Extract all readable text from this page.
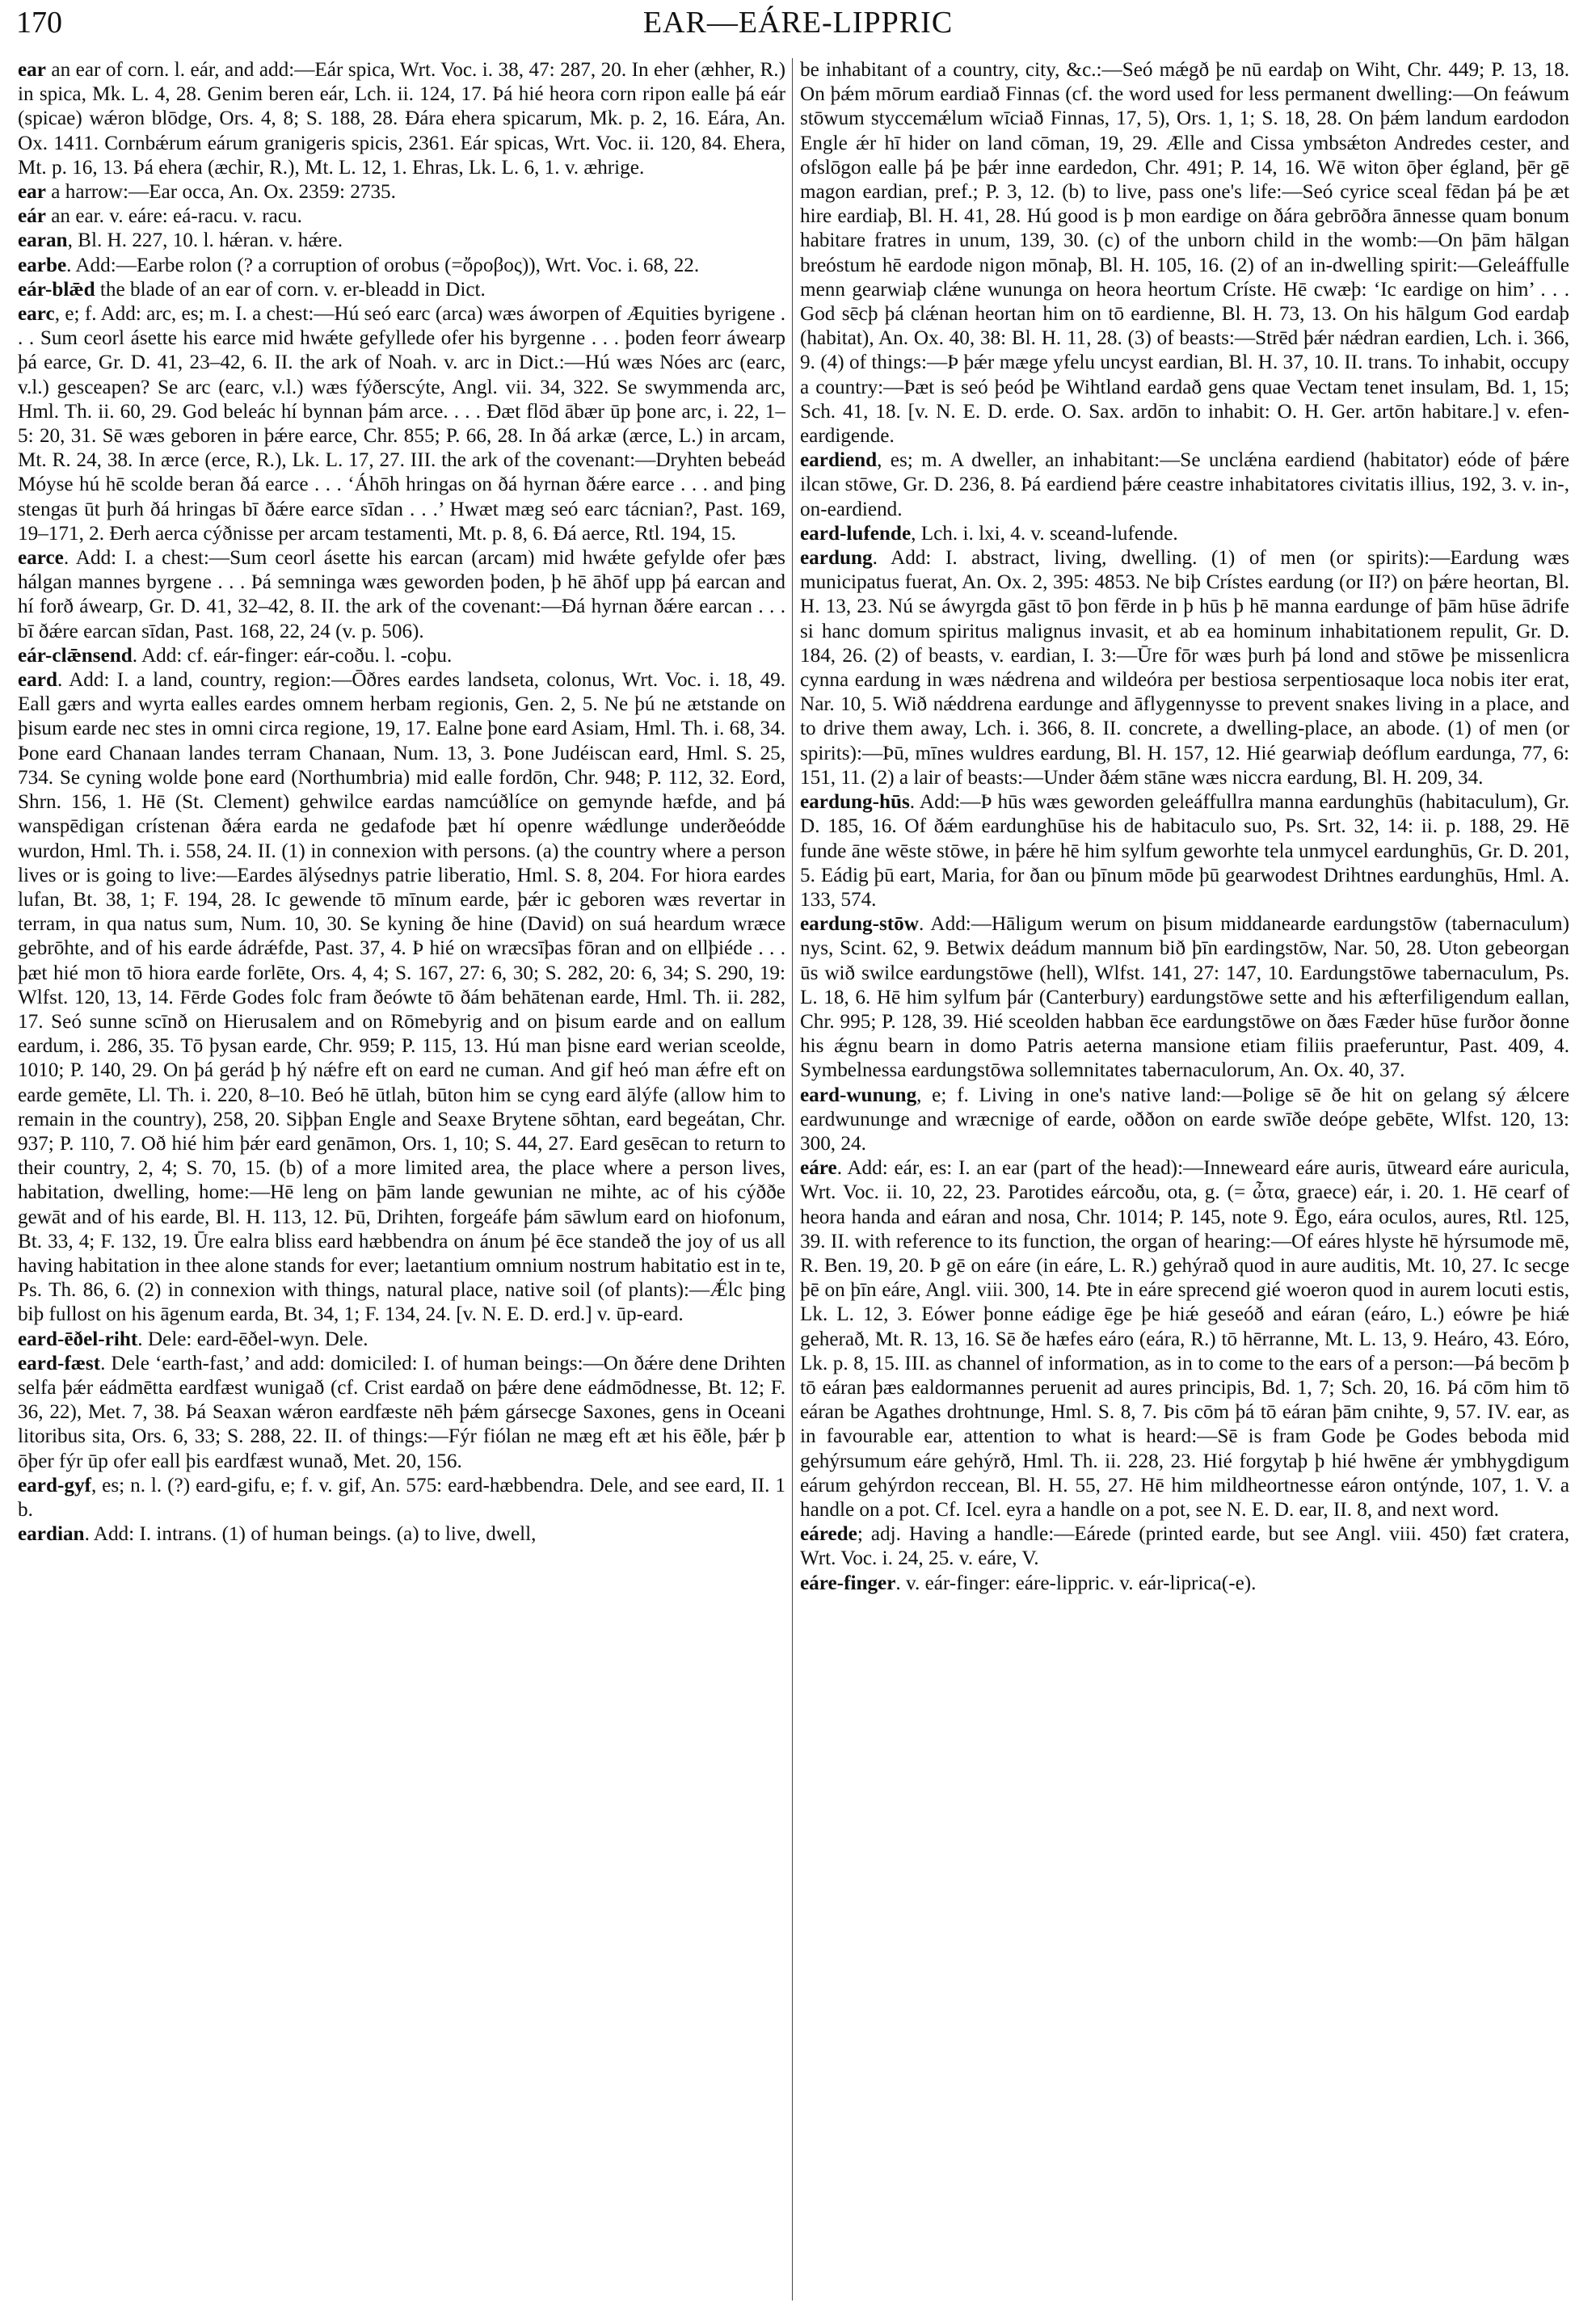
170	EAR—EÁRE-LIPPRIC

ear an ear of corn. l. eár, and add:—Eár spica, Wrt. Voc. i. 38, 47: 287, 20. In eher (æhher, R.) in spica, Mk. L. 4, 28. Genim beren eár, Lch. ii. 124, 17. Þá hié heora corn ripon ealle þá eár (spicae) wǽron blōdge, Ors. 4, 8; S. 188, 28. Ðára ehera spicarum, Mk. p. 2, 16. Eára, An. Ox. 1411. Cornbǽrum eárum granigeris spicis, 2361. Eár spicas, Wrt. Voc. ii. 120, 84. Ehera, Mt. p. 16, 13. Þá ehera (æchir, R.), Mt. L. 12, 1. Ehras, Lk. L. 6, 1. v. æhrige.

ear a harrow:—Ear occa, An. Ox. 2359: 2735.

eár an ear. v. eáre: eá-racu. v. racu.

earan, Bl. H. 227, 10. l. hǽran. v. hǽre.

earbe. Add:—Earbe rolon (? a corruption of orobus (=ὄροβος)), Wrt. Voc. i. 68, 22.

eár-blǣd the blade of an ear of corn. v. er-bleadd in Dict.

earc, e; f. Add: arc, es; m. I. a chest:—Hú seó earc (arca) wæs áworpen of Æquities byrigene . . . Sum ceorl ásette his earce mid hwǽte gefyllede ofer his byrgenne . . . þoden feorr áwearp þá earce, Gr. D. 41, 23–42, 6. II. the ark of Noah. v. arc in Dict.:—Hú wæs Nóes arc (earc, v.l.) gesceapen? Se arc (earc, v.l.) wæs fýðerscýte, Angl. vii. 34, 322. Se swymmenda arc, Hml. Th. ii. 60, 29. God beleác hí bynnan þám arce. . . . Ðæt flōd ābær ūp þone arc, i. 22, 1–5: 20, 31. Sē wæs geboren in þǽre earce, Chr. 855; P. 66, 28. In ðá arkæ (ærce, L.) in arcam, Mt. R. 24, 38. In ærce (erce, R.), Lk. L. 17, 27. III. the ark of the covenant:—Dryhten bebeád Móyse hú hē scolde beran ðá earce . . . ‘Áhōh hringas on ðá hyrnan ðǽre earce . . . and þing stengas ūt þurh ðá hringas bī ðǽre earce sīdan . . .’ Hwæt mæg seó earc tácnian?, Past. 169, 19–171, 2. Ðerh aerca cýðnisse per arcam testamenti, Mt. p. 8, 6. Ðá aerce, Rtl. 194, 15.

earce. Add: I. a chest:—Sum ceorl ásette his earcan (arcam) mid hwǽte gefylde ofer þæs hálgan mannes byrgene . . . Þá semninga wæs geworden þoden, þ hē āhōf upp þá earcan and hí forð áwearp, Gr. D. 41, 32–42, 8. II. the ark of the covenant:—Ðá hyrnan ðǽre earcan . . . bī ðǽre earcan sīdan, Past. 168, 22, 24 (v. p. 506).

eár-clǣnsend. Add: cf. eár-finger: eár-coðu. l. -coþu.

eard. Add: I. a land, country, region:—Ōðres eardes landseta, colonus, Wrt. Voc. i. 18, 49. Eall gærs and wyrta ealles eardes omnem herbam regionis, Gen. 2, 5. Ne þú ne ætstande on þisum earde nec stes in omni circa regione, 19, 17. Ealne þone eard Asiam, Hml. Th. i. 68, 34. Þone eard Chanaan landes terram Chanaan, Num. 13, 3. Þone Judéiscan eard, Hml. S. 25, 734. Se cyning wolde þone eard (Northumbria) mid ealle fordōn, Chr. 948; P. 112, 32. Eord, Shrn. 156, 1. Hē (St. Clement) gehwilce eardas namcúðlíce on gemynde hæfde, and þá wanspēdigan crístenan ðǽra earda ne gedafode þæt hí openre wǽdlunge underðeódde wurdon, Hml. Th. i. 558, 24. II. (1) in connexion with persons. (a) the country where a person lives or is going to live:—Eardes ālýsednys patrie liberatio, Hml. S. 8, 204. For hiora eardes lufan, Bt. 38, 1; F. 194, 28. Ic gewende tō mīnum earde, þǽr ic geboren wæs revertar in terram, in qua natus sum, Num. 10, 30. Se kyning ðe hine (David) on suá heardum wræce gebrōhte, and of his earde ádrǽfde, Past. 37, 4. Þ hié on wræcsīþas fōran and on ellþiéde . . . þæt hié mon tō hiora earde forlēte, Ors. 4, 4; S. 167, 27: 6, 30; S. 282, 20: 6, 34; S. 290, 19: Wlfst. 120, 13, 14. Fērde Godes folc fram ðeówte tō ðám behātenan earde, Hml. Th. ii. 282, 17. Seó sunne scīnð on Hierusalem and on Rōmebyrig and on þisum earde and on eallum eardum, i. 286, 35. Tō þysan earde, Chr. 959; P. 115, 13. Hú man þisne eard werian sceolde, 1010; P. 140, 29. On þá gerád þ hý nǽfre eft on eard ne cuman. And gif heó man ǽfre eft on earde gemēte, Ll. Th. i. 220, 8–10. Beó hē ūtlah, būton him se cyng eard ālýfe (allow him to remain in the country), 258, 20. Siþþan Engle and Seaxe Brytene sōhtan, eard begeátan, Chr. 937; P. 110, 7. Oð hié him þǽr eard genāmon, Ors. 1, 10; S. 44, 27. Eard gesēcan to return to their country, 2, 4; S. 70, 15. (b) of a more limited area, the place where a person lives, habitation, dwelling, home:—Hē leng on þām lande gewunian ne mihte, ac of his cýððe gewāt and of his earde, Bl. H. 113, 12. Þū, Drihten, forgeáfe þám sāwlum eard on hiofonum, Bt. 33, 4; F. 132, 19. Ūre ealra bliss eard hæbbendra on ánum þé ēce standeð the joy of us all having habitation in thee alone stands for ever; laetantium omnium nostrum habitatio est in te, Ps. Th. 86, 6. (2) in connexion with things, natural place, native soil (of plants):—Ǽlc þing biþ fullost on his āgenum earda, Bt. 34, 1; F. 134, 24. [v. N. E. D. erd.] v. ūp-eard.

eard-ēðel-riht. Dele: eard-ēðel-wyn. Dele.

eard-fæst. Dele ‘earth-fast,’ and add: domiciled: I. of human beings:—On ðǽre dene Drihten selfa þǽr eádmētta eardfæst wunigað (cf. Crist eardað on þǽre dene eádmōdnesse, Bt. 12; F. 36, 22), Met. 7, 38. Þá Seaxan wǽron eardfæste nēh þǽm gársecge Saxones, gens in Oceani litoribus sita, Ors. 6, 33; S. 288, 22. II. of things:—Fýr fiólan ne mæg eft æt his ēðle, þǽr þ ōþer fýr ūp ofer eall þis eardfæst wunað, Met. 20, 156.

eard-gyf, es; n. l. (?) eard-gifu, e; f. v. gif, An. 575: eard-hæbbendra. Dele, and see eard, II. 1 b.

eardian. Add: I. intrans. (1) of human beings. (a) to live, dwell,

be inhabitant of a country, city, &c.:—Seó mǽgð þe nū eardaþ on Wiht, Chr. 449; P. 13, 18. On þǽm mōrum eardiað Finnas (cf. the word used for less permanent dwelling:—On feáwum stōwum styccemǽlum wīciað Finnas, 17, 5), Ors. 1, 1; S. 18, 28. On þǽm landum eardodon Engle ǽr hī hider on land cōman, 19, 29. Ælle and Cissa ymbsǽton Andredes cester, and ofslōgon ealle þá þe þǽr inne eardedon, Chr. 491; P. 14, 16. Wē witon ōþer égland, þēr gē magon eardian, pref.; P. 3, 12. (b) to live, pass one's life:—Seó cyrice sceal fēdan þá þe æt hire eardiaþ, Bl. H. 41, 28. Hú good is þ mon eardige on ðára gebrōðra ānnesse quam bonum habitare fratres in unum, 139, 30. (c) of the unborn child in the womb:—On þām hālgan breóstum hē eardode nigon mōnaþ, Bl. H. 105, 16. (2) of an in-dwelling spirit:—Geleáffulle menn gearwiaþ clǽne wununga on heora heortum Críste. Hē cwæþ: ‘Ic eardige on him’ . . . God sēcþ þá clǽnan heortan him on tō eardienne, Bl. H. 73, 13. On his hālgum God eardaþ (habitat), An. Ox. 40, 38: Bl. H. 11, 28. (3) of beasts:—Strēd þǽr nǽdran eardien, Lch. i. 366, 9. (4) of things:—Þ þǽr mæge yfelu uncyst eardian, Bl. H. 37, 10. II. trans. To inhabit, occupy a country:—Þæt is seó þeód þe Wihtland eardað gens quae Vectam tenet insulam, Bd. 1, 15; Sch. 41, 18. [v. N. E. D. erde. O. Sax. ardōn to inhabit: O. H. Ger. artōn habitare.] v. efen-eardigende.

eardiend, es; m. A dweller, an inhabitant:—Se unclǽna eardiend (habitator) eóde of þǽre ilcan stōwe, Gr. D. 236, 8. Þá eardiend þǽre ceastre inhabitatores civitatis illius, 192, 3. v. in-, on-eardiend.

eard-lufende, Lch. i. lxi, 4. v. sceand-lufende.

eardung. Add: I. abstract, living, dwelling. (1) of men (or spirits):—Eardung wæs municipatus fuerat, An. Ox. 2, 395: 4853. Ne biþ Crístes eardung (or II?) on þǽre heortan, Bl. H. 13, 23. Nú se áwyrgda gāst tō þon fērde in þ hūs þ hē manna eardunge of þām hūse ādrife si hanc domum spiritus malignus invasit, et ab ea hominum inhabitationem repulit, Gr. D. 184, 26. (2) of beasts, v. eardian, I. 3:—Ūre fōr wæs þurh þá lond and stōwe þe missenlicra cynna eardung in wæs nǽdrena and wildeóra per bestiosa serpentiosaque loca nobis iter erat, Nar. 10, 5. Wið nǽddrena eardunge and āflygennysse to prevent snakes living in a place, and to drive them away, Lch. i. 366, 8. II. concrete, a dwelling-place, an abode. (1) of men (or spirits):—Þū, mīnes wuldres eardung, Bl. H. 157, 12. Hié gearwiaþ deóflum eardunga, 77, 6: 151, 11. (2) a lair of beasts:—Under ðǽm stāne wæs niccra eardung, Bl. H. 209, 34.

eardung-hūs. Add:—Þ hūs wæs geworden geleáffullra manna eardunghūs (habitaculum), Gr. D. 185, 16. Of ðǽm eardunghūse his de habitaculo suo, Ps. Srt. 32, 14: ii. p. 188, 29. Hē funde āne wēste stōwe, in þǽre hē him sylfum geworhte tela unmycel eardunghūs, Gr. D. 201, 5. Eádig þū eart, Maria, for ðan ou þīnum mōde þū gearwodest Drihtnes eardunghūs, Hml. A. 133, 574.

eardung-stōw. Add:—Hāligum werum on þisum middanearde eardungstōw (tabernaculum) nys, Scint. 62, 9. Betwix deádum mannum bið þīn eardingstōw, Nar. 50, 28. Uton gebeorgan ūs wið swilce eardungstōwe (hell), Wlfst. 141, 27: 147, 10. Eardungstōwe tabernaculum, Ps. L. 18, 6. Hē him sylfum þár (Canterbury) eardungstōwe sette and his æfterfiligendum eallan, Chr. 995; P. 128, 39. Hié sceolden habban ēce eardungstōwe on ðæs Fæder hūse furðor ðonne his ǽgnu bearn in domo Patris aeterna mansione etiam filiis praeferuntur, Past. 409, 4. Symbelnessa eardungstōwa sollemnitates tabernaculorum, An. Ox. 40, 37.

eard-wunung, e; f. Living in one's native land:—Þolige sē ðe hit on gelang sý ǽlcere eardwununge and wræcnige of earde, oððon on earde swīðe deópe gebēte, Wlfst. 120, 13: 300, 24.

eáre. Add: eár, es: I. an ear (part of the head):—Inneweard eáre auris, ūtweard eáre auricula, Wrt. Voc. ii. 10, 22, 23. Parotides eárcoðu, ota, g. (= ὦτα, graece) eár, i. 20. 1. Hē cearf of heora handa and eáran and nosa, Chr. 1014; P. 145, note 9. Ēgo, eára oculos, aures, Rtl. 125, 39. II. with reference to its function, the organ of hearing:—Of eáres hlyste hē hýrsumode mē, R. Ben. 19, 20. Þ gē on eáre (in eáre, L. R.) gehýrað quod in aure auditis, Mt. 10, 27. Ic secge þē on þīn eáre, Angl. viii. 300, 14. Þte in eáre sprecend gié woeron quod in aurem locuti estis, Lk. L. 12, 3. Eówer þonne eádige ēge þe hiǽ geseóð and eáran (eáro, L.) eówre þe hiǽ geherað, Mt. R. 13, 16. Sē ðe hæfes eáro (eára, R.) tō hērranne, Mt. L. 13, 9. Heáro, 43. Eóro, Lk. p. 8, 15. III. as channel of information, as in to come to the ears of a person:—Þá becōm þ tō eáran þæs ealdormannes peruenit ad aures principis, Bd. 1, 7; Sch. 20, 16. Þá cōm him tō eáran be Agathes drohtnunge, Hml. S. 8, 7. Þis cōm þá tō eáran þām cnihte, 9, 57. IV. ear, as in favourable ear, attention to what is heard:—Sē is fram Gode þe Godes beboda mid gehýrsumum eáre gehýrð, Hml. Th. ii. 228, 23. Hié forgytaþ þ hié hwēne ǽr ymbhygdigum eárum gehýrdon reccean, Bl. H. 55, 27. Hē him mildheortnesse eáron ontýnde, 107, 1. V. a handle on a pot. Cf. Icel. eyra a handle on a pot, see N. E. D. ear, II. 8, and next word.

eárede; adj. Having a handle:—Eárede (printed earde, but see Angl. viii. 450) fæt cratera, Wrt. Voc. i. 24, 25. v. eáre, V.

eáre-finger. v. eár-finger: eáre-lippric. v. eár-liprica(-e).
